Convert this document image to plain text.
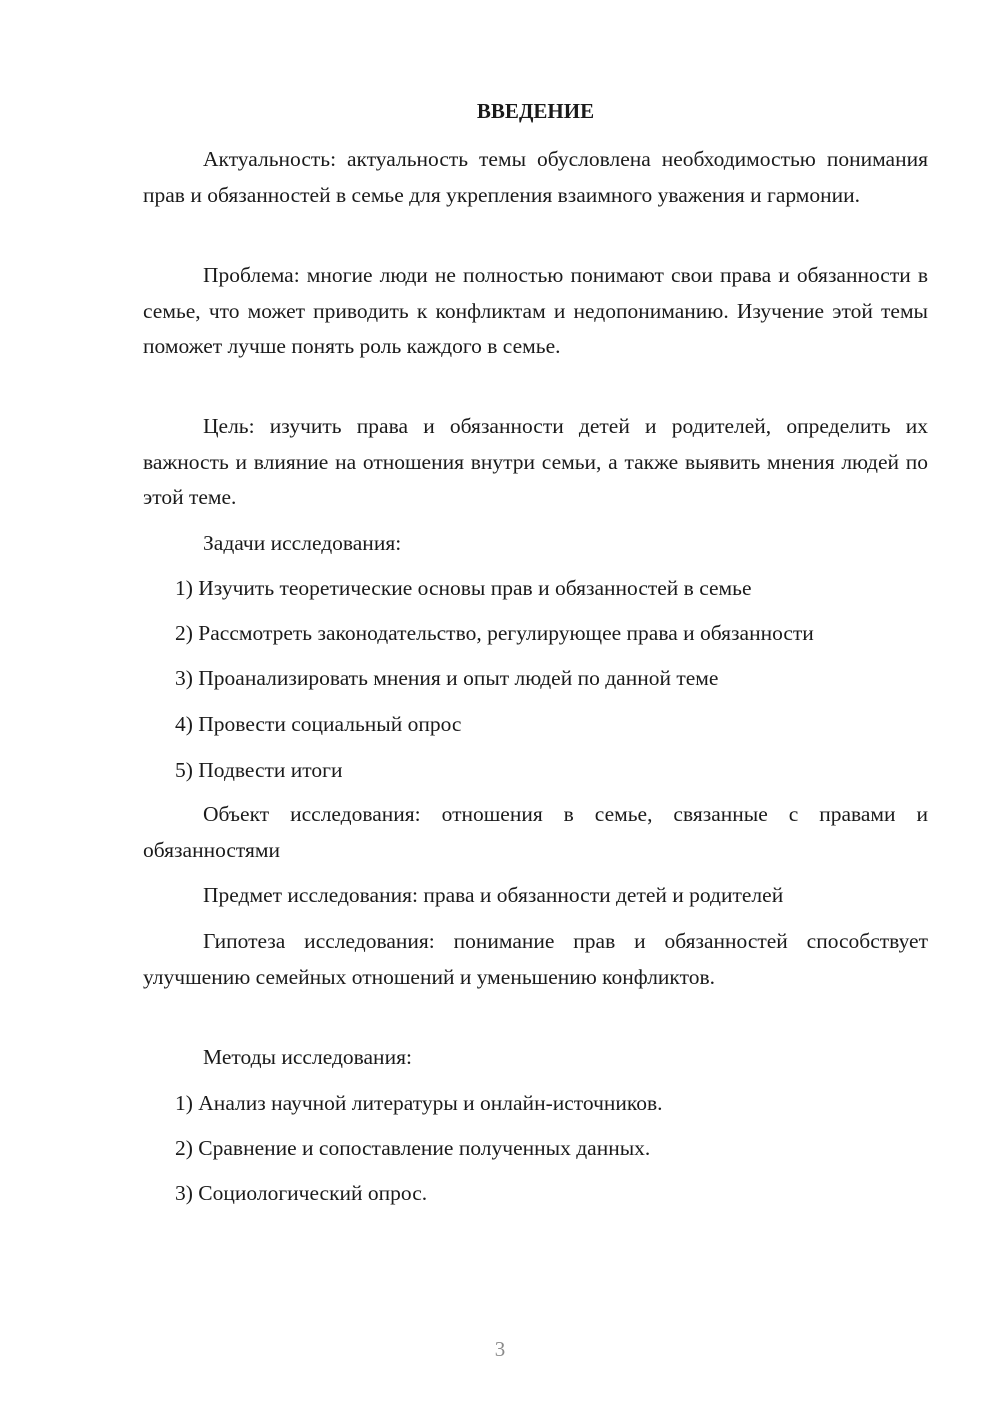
ВВЕДЕНИЕ

Актуальность: актуальность темы обусловлена необходимостью понимания прав и обязанностей в семье для укрепления взаимного уважения и гармонии.

Проблема: многие люди не полностью понимают свои права и обязанности в семье, что может приводить к конфликтам и недопониманию. Изучение этой темы поможет лучше понять роль каждого в семье.

Цель: изучить права и обязанности детей и родителей, определить их важность и влияние на отношения внутри семьи, а также выявить мнения людей по этой теме.

Задачи исследования:

1) Изучить теоретические основы прав и обязанностей в семье

2) Рассмотреть законодательство, регулирующее права и обязанности

3) Проанализировать мнения и опыт людей по данной теме

4) Провести социальный опрос

5) Подвести итоги

Объект исследования: отношения в семье, связанные с правами и обязанностями

Предмет исследования: права и обязанности детей и родителей

Гипотеза исследования: понимание прав и обязанностей способствует улучшению семейных отношений и уменьшению конфликтов.

Методы исследования:

1) Анализ научной литературы и онлайн-источников.

2) Сравнение и сопоставление полученных данных.

3) Социологический опрос.

3
